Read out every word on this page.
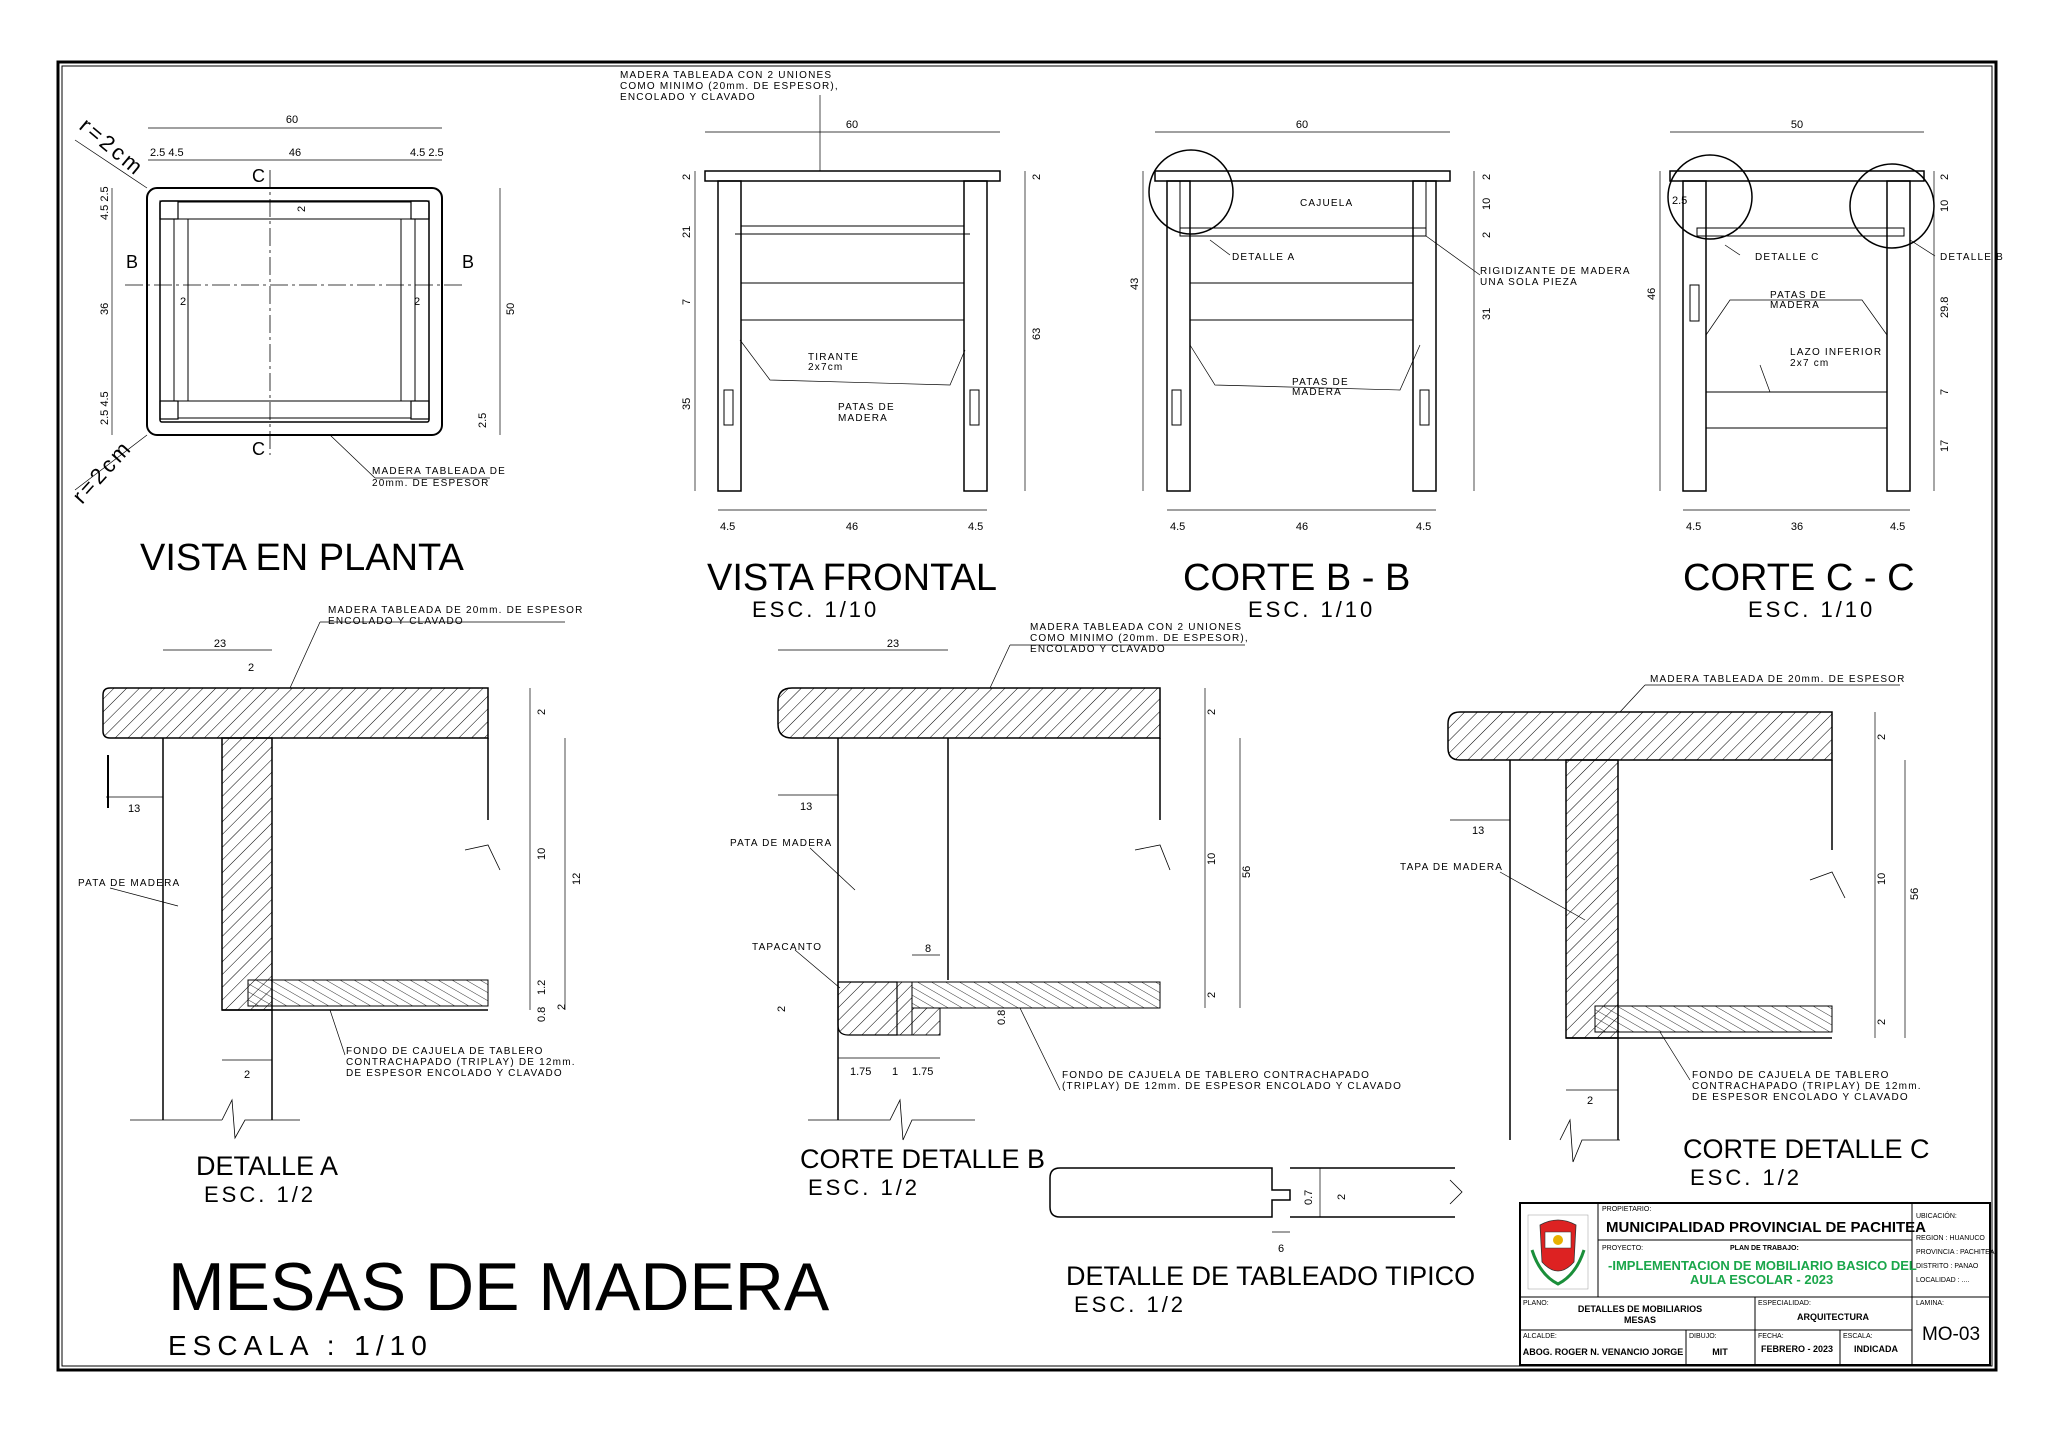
60
46
2.5 4.5	4.5 2.5
36
4.5 2.5
2.5 4.5
50
2
2	2
2.5
r=2cm
r=2cm
C
C
B	B
MADERA TABLEADA DE
20mm. DE ESPESOR
VISTA EN PLANTA
MADERA TABLEADA CON 2 UNIONES
COMO MINIMO (20mm. DE ESPESOR),
ENCOLADO Y CLAVADO
60
46
4.5	4.5
2
21
7
35
2
63
TIRANTE
2x7cm
PATAS DE
MADERA
VISTA FRONTAL
ESC. 1/10
60
46
4.5	4.5
43
2
10
2
31
CAJUELA
DETALLE A
RIGIDIZANTE DE MADERA
UNA SOLA PIEZA
PATAS DE
MADERA
CORTE B - B
ESC. 1/10
50
36
4.5	4.5
46
2.5
2
10
29.8
7
17
DETALLE C	DETALLE B
PATAS DE
MADERA
LAZO INFERIOR
2x7 cm
CORTE C - C
ESC. 1/10
MADERA TABLEADA DE 20mm. DE ESPESOR
ENCOLADO Y CLAVADO
23
2
13
2
2
10
1.2
0.8
12
2
PATA DE MADERA
FONDO DE CAJUELA DE TABLERO
CONTRACHAPADO (TRIPLAY) DE 12mm.
DE ESPESOR ENCOLADO Y CLAVADO
DETALLE A
ESC. 1/2
MADERA TABLEADA CON 2 UNIONES
COMO MINIMO (20mm. DE ESPESOR),
ENCOLADO Y CLAVADO
23
13
8
2
10
2
56
2
1.75 1 1.75
0.8
PATA DE MADERA
TAPACANTO
FONDO DE CAJUELA DE TABLERO CONTRACHAPADO
(TRIPLAY) DE 12mm. DE ESPESOR ENCOLADO Y CLAVADO
CORTE DETALLE B
ESC. 1/2
MADERA TABLEADA DE 20mm. DE ESPESOR
13
2
2
10
2
56
TAPA DE MADERA
FONDO DE CAJUELA DE TABLERO
CONTRACHAPADO (TRIPLAY) DE 12mm.
DE ESPESOR ENCOLADO Y CLAVADO
CORTE DETALLE C
ESC. 1/2
0.7 2
6
DETALLE DE TABLEADO TIPICO
ESC. 1/2
MESAS DE MADERA
ESCALA : 1/10
PROPIETARIO:
MUNICIPALIDAD PROVINCIAL DE PACHITEA
PROYECTO:	PLAN DE TRABAJO:
-IMPLEMENTACION DE MOBILIARIO BASICO DEL
AULA ESCOLAR - 2023
UBICACIÓN:
REGION : HUANUCO
PROVINCIA : PACHITEA
DISTRITO : PANAO
LOCALIDAD : ....
PLANO:
DETALLES DE MOBILIARIOS
MESAS
ESPECIALIDAD:
ARQUITECTURA
LAMINA:
MO-03
ALCALDE:
ABOG. ROGER N. VENANCIO JORGE
DIBUJO:
MIT
FECHA:
FEBRERO - 2023
ESCALA:
INDICADA
